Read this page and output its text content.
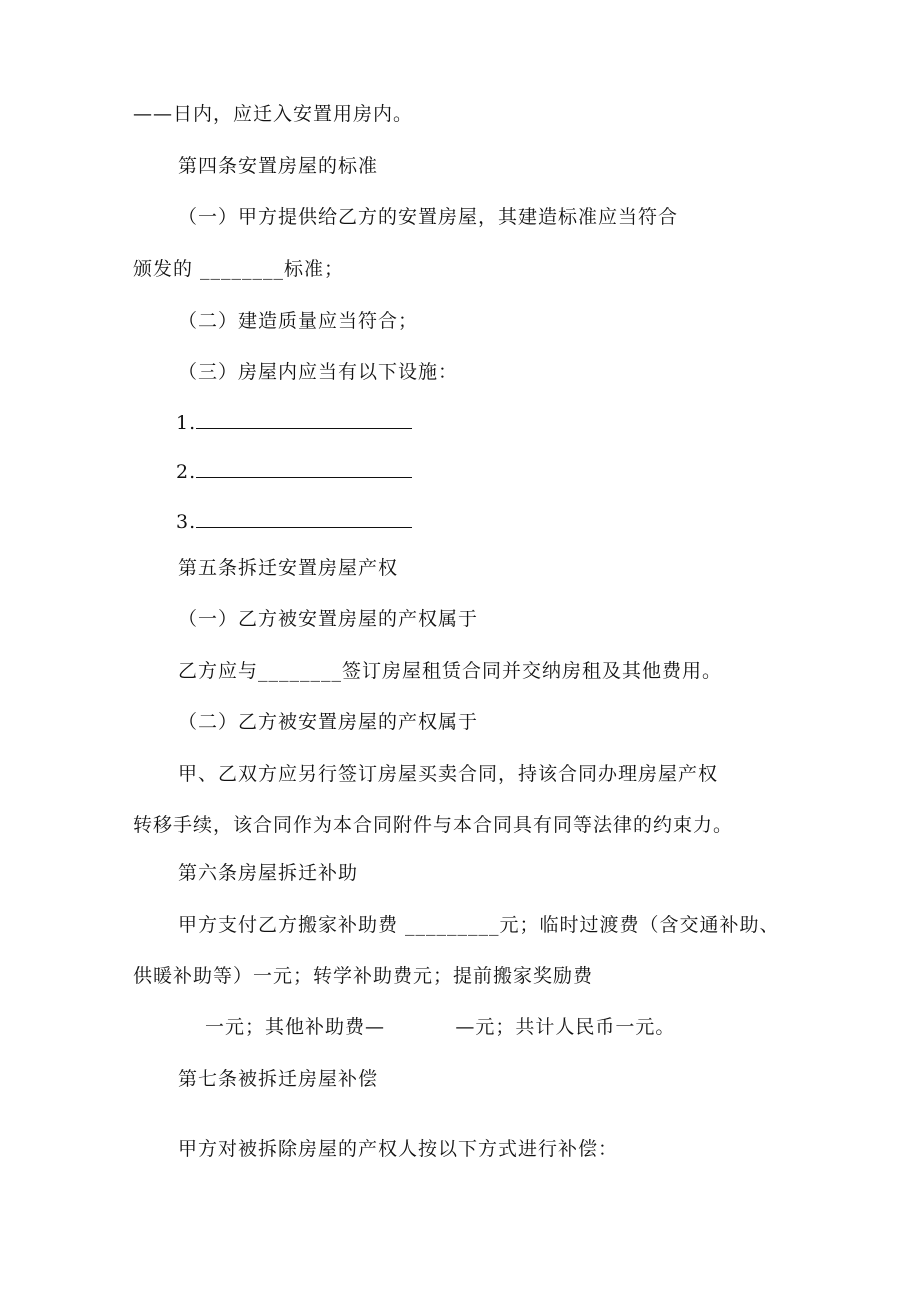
——日内，应迁入安置用房内。
第四条安置房屋的标准
（一）甲方提供给乙方的安置房屋，其建造标准应当符合
颁发的 ________标准；
（二）建造质量应当符合；
（三）房屋内应当有以下设施：
1.
2.
3.
第五条拆迁安置房屋产权
（一）乙方被安置房屋的产权属于
乙方应与________签订房屋租赁合同并交纳房租及其他费用。
（二）乙方被安置房屋的产权属于
甲、乙双方应另行签订房屋买卖合同，持该合同办理房屋产权
转移手续，该合同作为本合同附件与本合同具有同等法律的约束力。
第六条房屋拆迁补助
甲方支付乙方搬家补助费 _________元；临时过渡费（含交通补助、
供暖补助等）一元；转学补助费元；提前搬家奖励费
一元；其他补助费—          —元；共计人民币一元。
第七条被拆迁房屋补偿
甲方对被拆除房屋的产权人按以下方式进行补偿：
